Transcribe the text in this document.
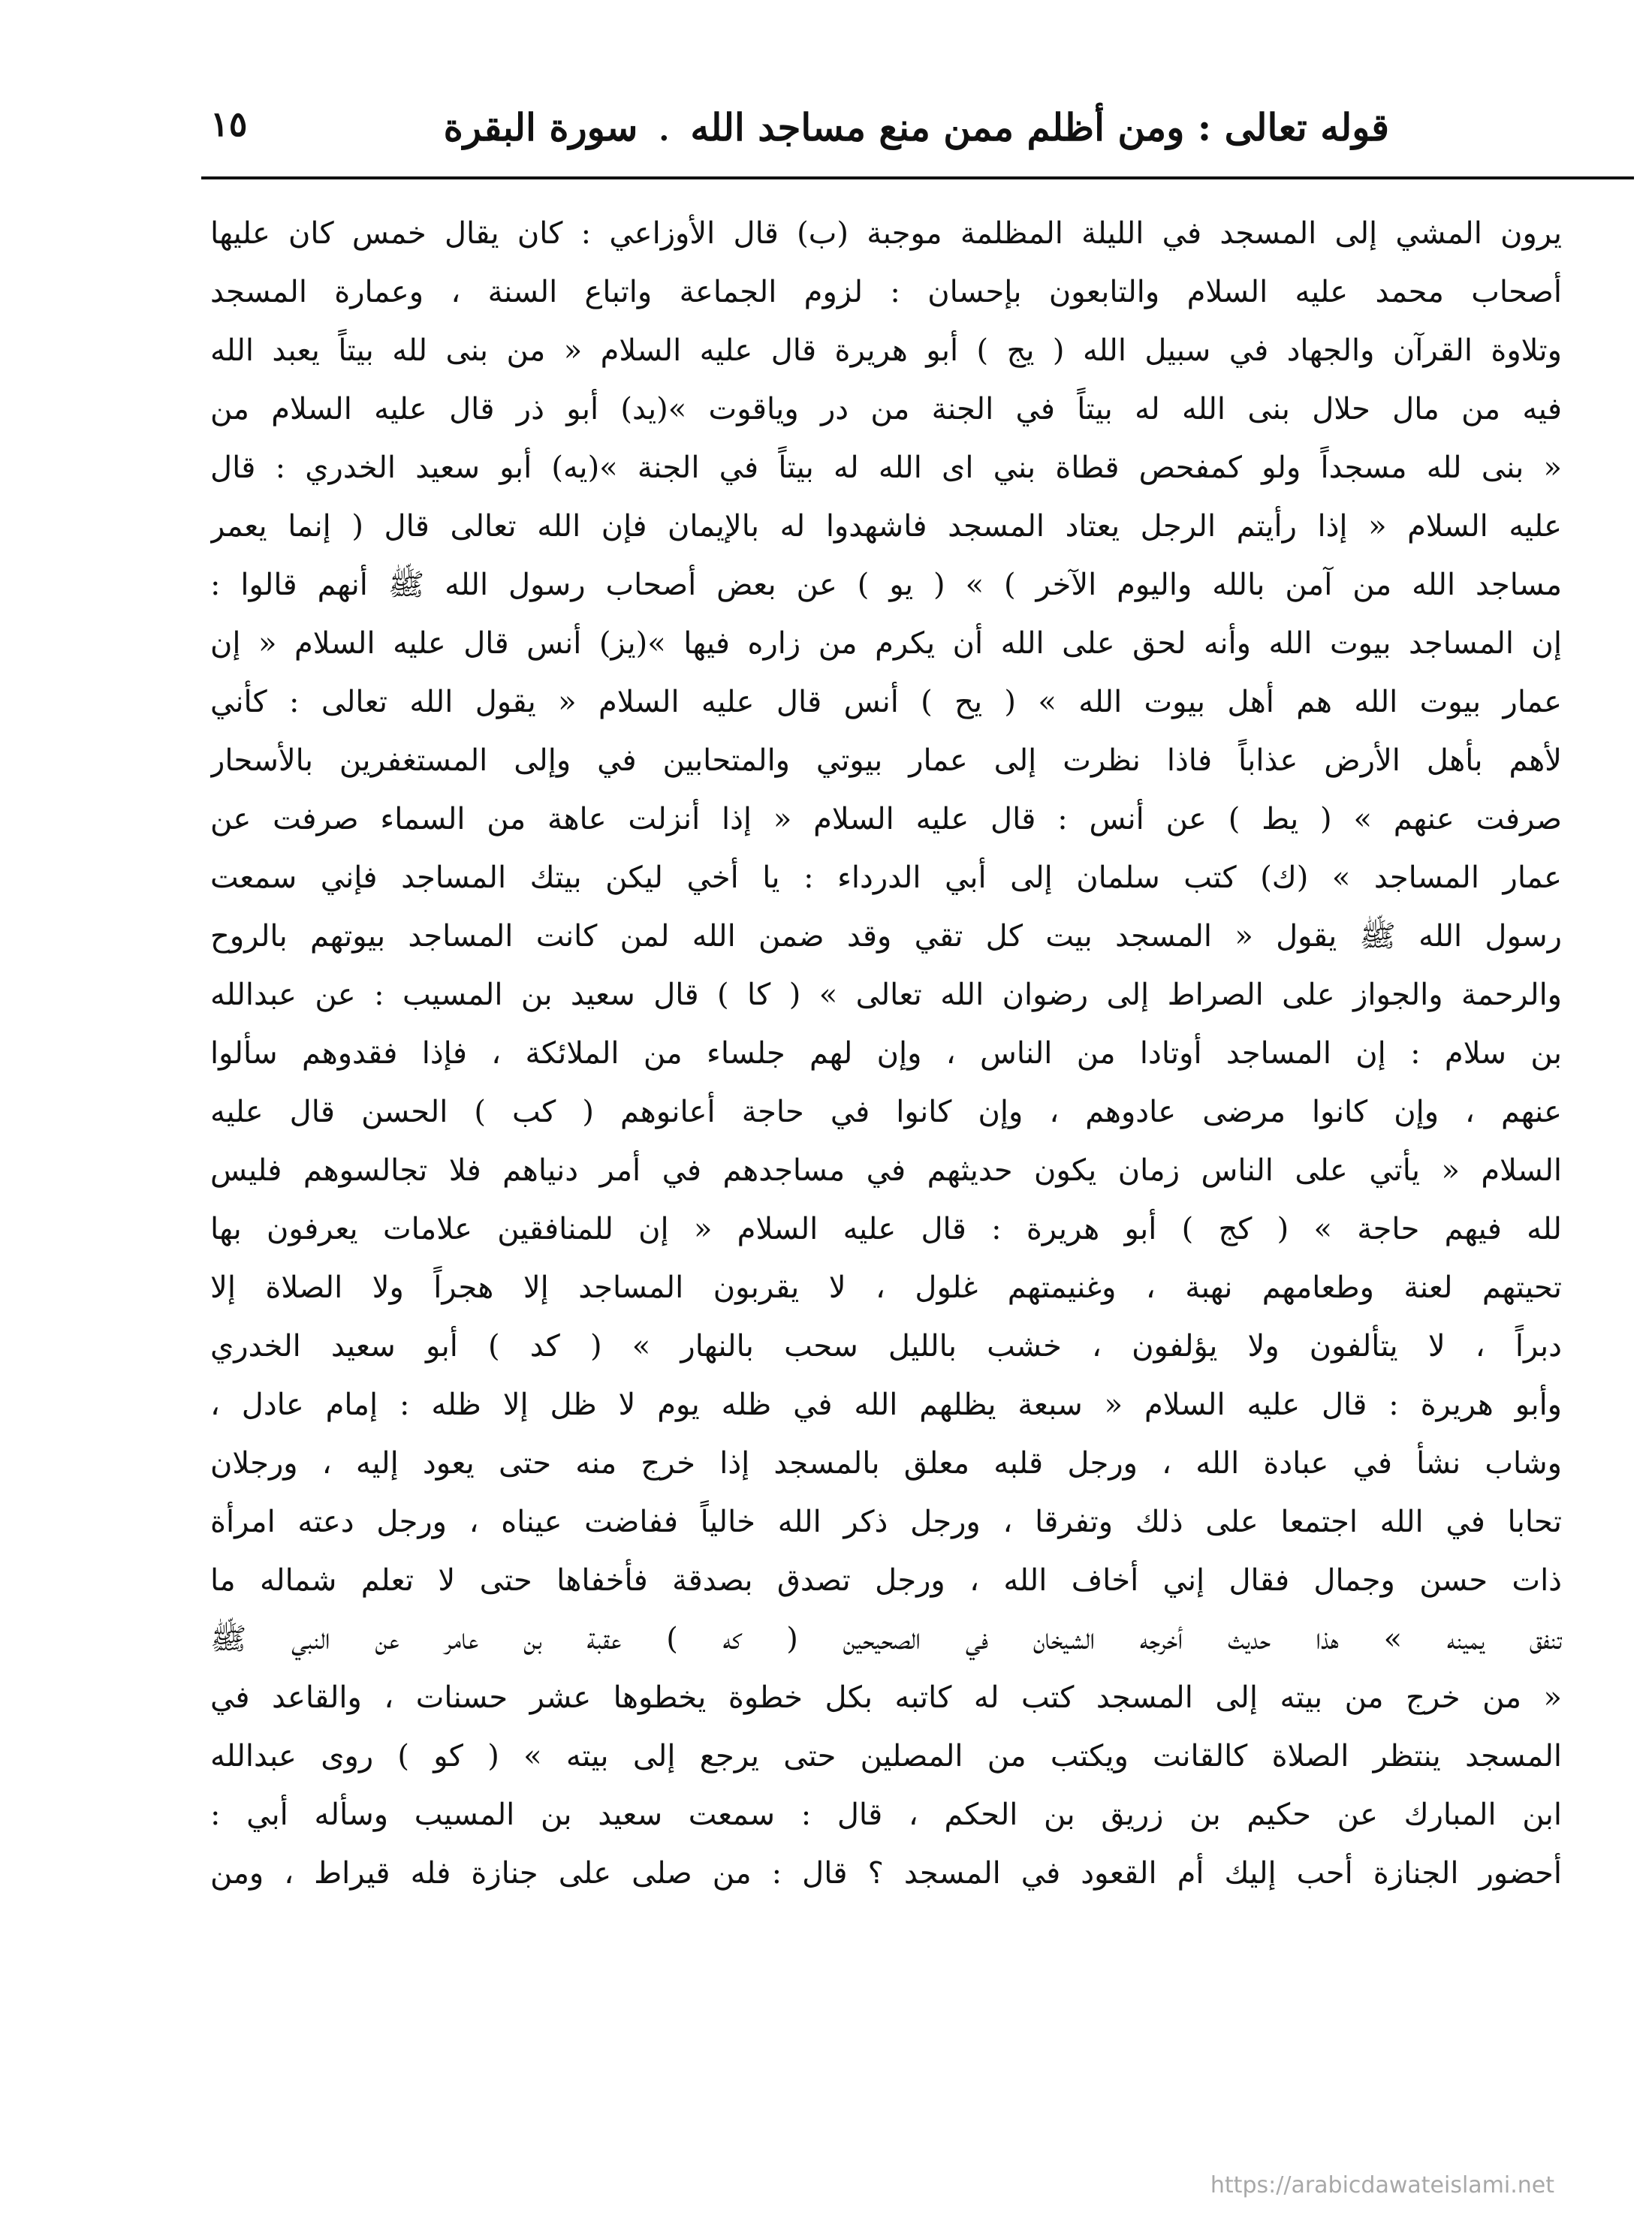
١٥	قوله تعالى : ومن أظلم ممن منع مساجد الله
.
سورة البقرة
يرون المشي إلى المسجد في الليلة المظلمة موجبة (ب) قال الأوزاعي : كان يقال خمس كان عليها
أصحاب محمد عليه السلام والتابعون بإحسان : لزوم الجماعة واتباع السنة ، وعمارة المسجد
وتلاوة القرآن والجهاد في سبيل الله ( يج ) أبو هريرة قال عليه السلام « من بنى لله بيتاً يعبد الله
فيه من مال حلال بنى الله له بيتاً في الجنة من در وياقوت »(يد) أبو ذر قال عليه السلام من
« بنى لله مسجداً ولو كمفحص قطاة بني اى الله له بيتاً في الجنة »(يه) أبو سعيد الخدري : قال
عليه السلام « إذا رأيتم الرجل يعتاد المسجد فاشهدوا له بالإيمان فإن الله تعالى قال ( إنما يعمر
مساجد الله من آمن بالله واليوم الآخر ) » ( يو ) عن بعض أصحاب رسول الله ﷺ أنهم قالوا :
إن المساجد بيوت الله وأنه لحق على الله أن يكرم من زاره فيها »(يز) أنس قال عليه السلام « إن
عمار بيوت الله هم أهل بيوت الله » ( يح ) أنس قال عليه السلام « يقول الله تعالى : كأني
لأهم بأهل الأرض عذاباً فاذا نظرت إلى عمار بيوتي والمتحابين في وإلى المستغفرين بالأسحار
صرفت عنهم » ( يط ) عن أنس : قال عليه السلام « إذا أنزلت عاهة من السماء صرفت عن
عمار المساجد » (ك) كتب سلمان إلى أبي الدرداء : يا أخي ليكن بيتك المساجد فإني سمعت
رسول الله ﷺ يقول « المسجد بيت كل تقي وقد ضمن الله لمن كانت المساجد بيوتهم بالروح
والرحمة والجواز على الصراط إلى رضوان الله تعالى » ( كا ) قال سعيد بن المسيب : عن عبدالله
بن سلام : إن المساجد أوتادا من الناس ، وإن لهم جلساء من الملائكة ، فإذا فقدوهم سألوا
عنهم ، وإن كانوا مرضى عادوهم ، وإن كانوا في حاجة أعانوهم ( كب ) الحسن قال عليه
السلام « يأتي على الناس زمان يكون حديثهم في مساجدهم في أمر دنياهم فلا تجالسوهم فليس
لله فيهم حاجة » ( كج ) أبو هريرة : قال عليه السلام « إن للمنافقين علامات يعرفون بها
تحيتهم لعنة وطعامهم نهبة ، وغنيمتهم غلول ، لا يقربون المساجد إلا هجراً ولا الصلاة إلا
دبراً ، لا يتألفون ولا يؤلفون ، خشب بالليل سحب بالنهار » ( كد ) أبو سعيد الخدري
وأبو هريرة : قال عليه السلام « سبعة يظلهم الله في ظله يوم لا ظل إلا ظله : إمام عادل ،
وشاب نشأ في عبادة الله ، ورجل قلبه معلق بالمسجد إذا خرج منه حتى يعود إليه ، ورجلان
تحابا في الله اجتمعا على ذلك وتفرقا ، ورجل ذكر الله خالياً ففاضت عيناه ، ورجل دعته امرأة
ذات حسن وجمال فقال إني أخاف الله ، ورجل تصدق بصدقة فأخفاها حتى لا تعلم شماله ما
تنفق يمينه » هذا حديث أخرجه الشيخان في الصحيحين ( كه ) عقبة بن عامر عن النبي ﷺ
« من خرج من بيته إلى المسجد كتب له كاتبه بكل خطوة يخطوها عشر حسنات ، والقاعد في
المسجد ينتظر الصلاة كالقانت ويكتب من المصلين حتى يرجع إلى بيته » ( كو ) روى عبدالله
ابن المبارك عن حكيم بن زريق بن الحكم ، قال : سمعت سعيد بن المسيب وسأله أبي :
أحضور الجنازة أحب إليك أم القعود في المسجد ؟ قال : من صلى على جنازة فله قيراط ، ومن
https://arabicdawateislami.net
